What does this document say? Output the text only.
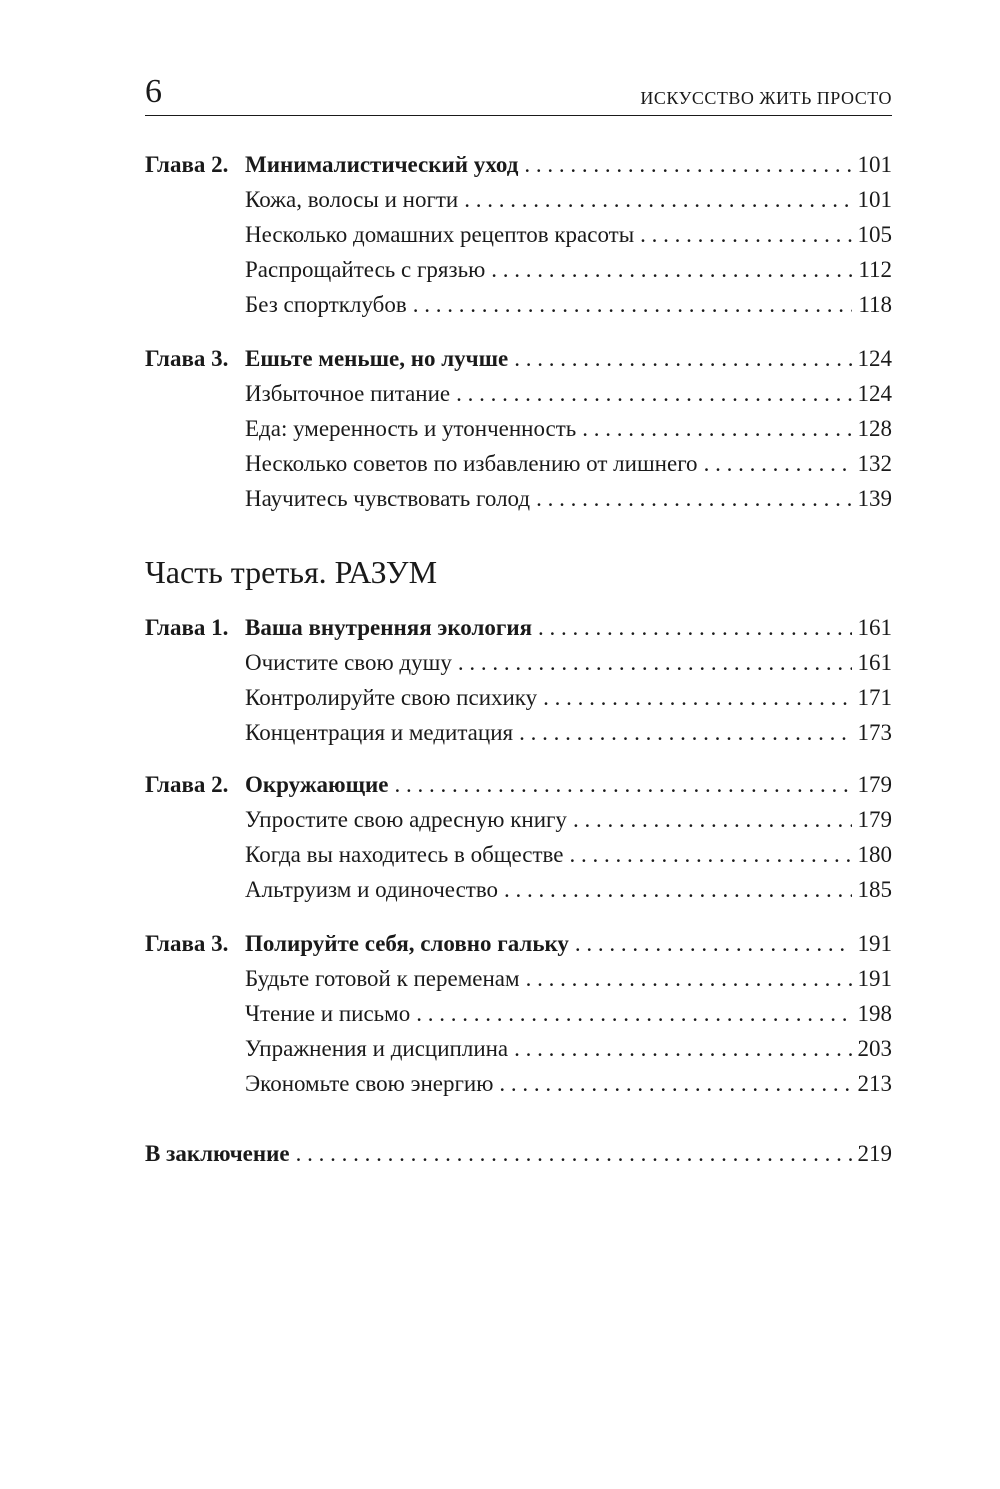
6	ИСКУССТВО ЖИТЬ ПРОСТО
Глава 2. Минималистический уход . . .	101
Кожа, волосы и ногти . . .	101
Несколько домашних рецептов красоты . . .	105
Распрощайтесь с грязью . . .	112
Без спортклубов . . .	118
Глава 3. Ешьте меньше, но лучше . . .	124
Избыточное питание . . .	124
Еда: умеренность и утонченность . . .	128
Несколько советов по избавлению от лишнего . . .	132
Научитесь чувствовать голод . . .	139
Часть третья. РАЗУМ
Глава 1. Ваша внутренняя экология . . .	161
Очистите свою душу . . .	161
Контролируйте свою психику . . .	171
Концентрация и медитация . . .	173
Глава 2. Окружающие . . .	179
Упростите свою адресную книгу . . .	179
Когда вы находитесь в обществе . . .	180
Альтруизм и одиночество . . .	185
Глава 3. Полируйте себя, словно гальку . . .	191
Будьте готовой к переменам . . .	191
Чтение и письмо . . .	198
Упражнения и дисциплина . . .	203
Экономьте свою энергию . . .	213
В заключение . . .	219
